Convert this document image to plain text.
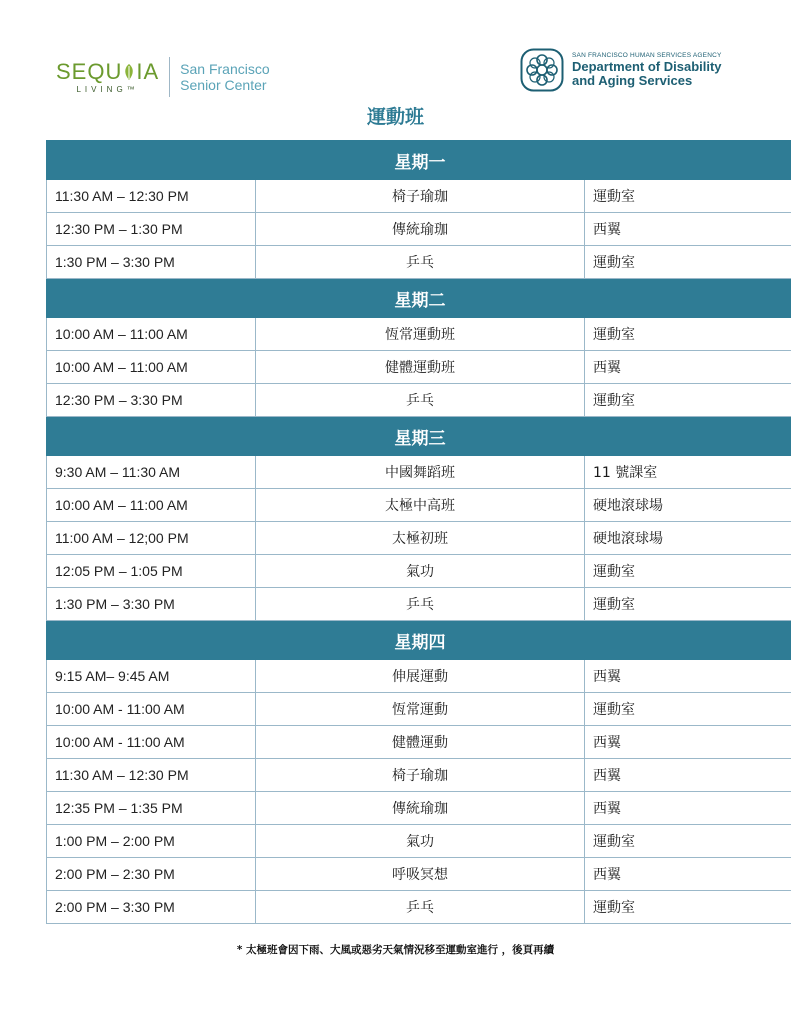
SEQU IA
LIVING™
San Francisco
Senior Center
SAN FRANCISCO HUMAN SERVICES AGENCY
Department of Disability
and Aging Services
運動班
	星期一	
11:30 AM – 12:30 PM	椅子瑜珈	運動室
12:30 PM – 1:30 PM	傳統瑜珈	西翼
1:30 PM – 3:30 PM	乒乓	運動室
	星期二	
10:00 AM – 11:00 AM	恆常運動班	運動室
10:00 AM – 11:00 AM	健體運動班	西翼
12:30 PM – 3:30 PM	乒乓	運動室
	星期三	
9:30 AM – 11:30 AM	中國舞蹈班	11 號課室
10:00 AM – 11:00 AM	太極中高班	硬地滾球場
11:00 AM – 12;00 PM	太極初班	硬地滾球場
12:05 PM – 1:05 PM	氣功	運動室
1:30 PM – 3:30 PM	乒乓	運動室
	星期四	
9:15 AM– 9:45 AM	伸展運動	西翼
10:00 AM - 11:00 AM	恆常運動	運動室
10:00 AM - 11:00 AM	健體運動	西翼
11:30 AM – 12:30 PM	椅子瑜珈	西翼
12:35 PM – 1:35 PM	傳統瑜珈	西翼
1:00 PM – 2:00 PM	氣功	運動室
2:00 PM – 2:30 PM	呼吸冥想	西翼
2:00 PM – 3:30 PM	乒乓	運動室
* 太極班會因下雨、大風或惡劣天氣情況移至運動室進行 ，後頁再續
